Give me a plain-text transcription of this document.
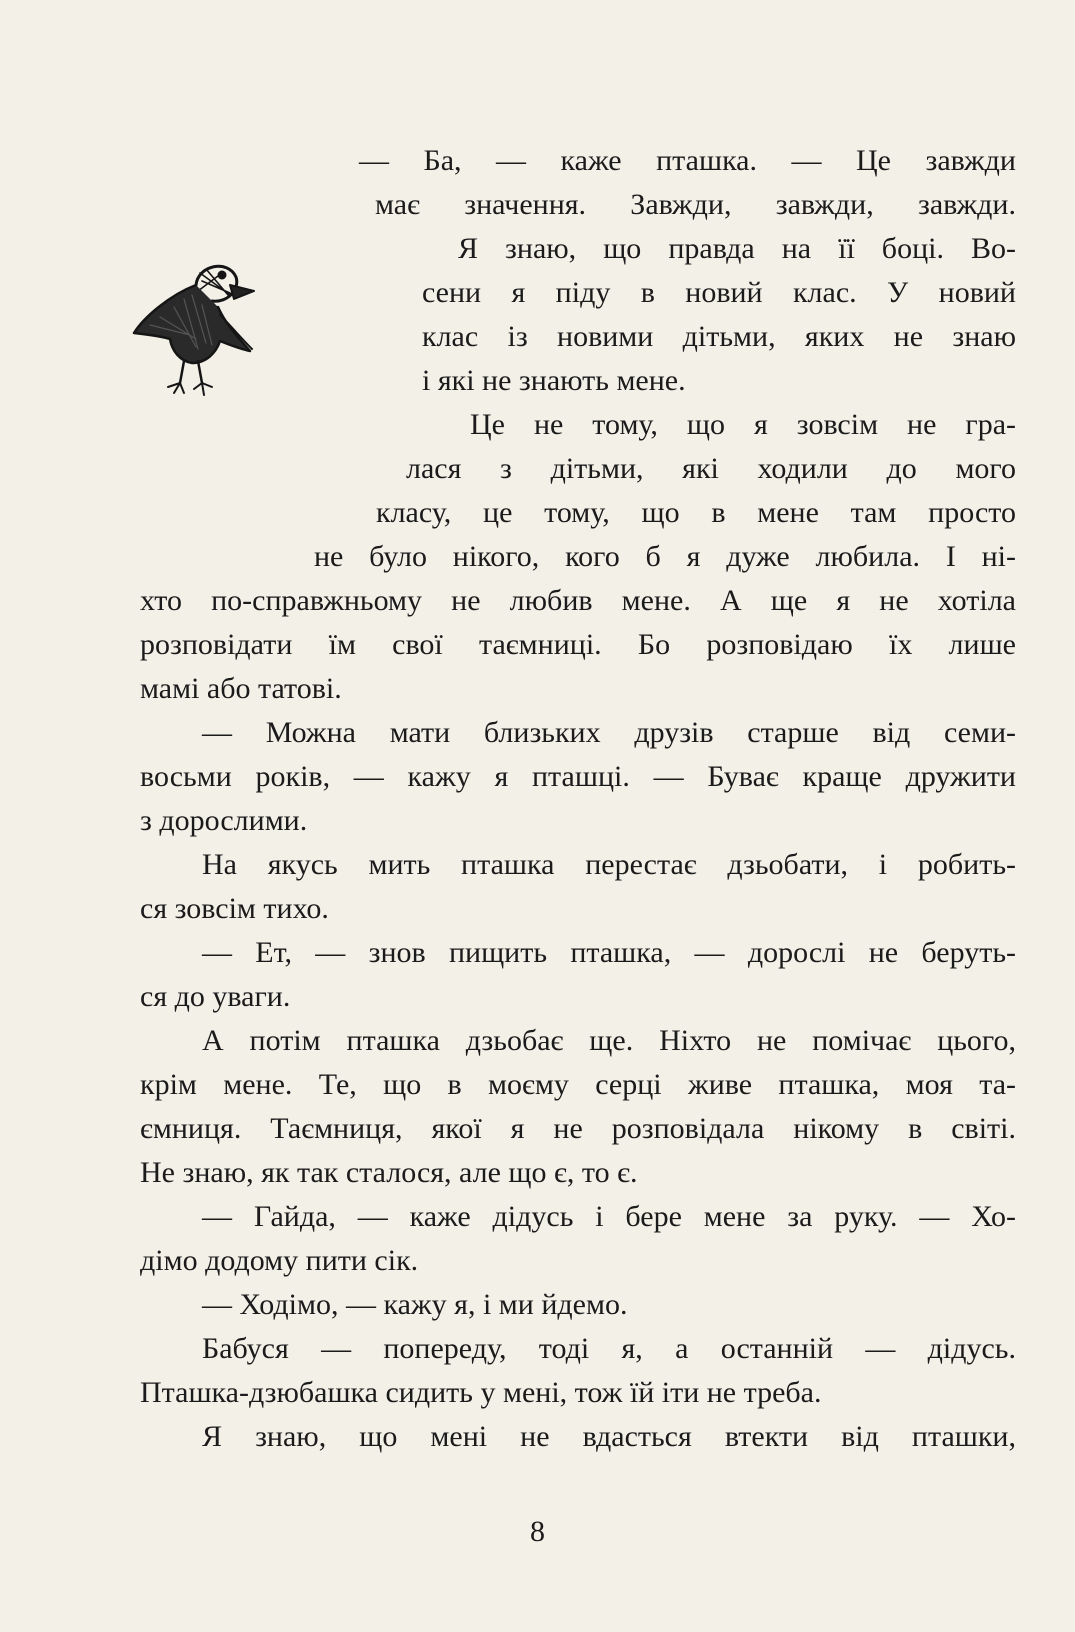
— Ба, — каже пташка. — Це завжди
має значення. Завжди, завжди, завжди.
Я знаю, що правда на її боці. Во-
сени я піду в новий клас. У новий
клас із новими дітьми, яких не знаю
і які не знають мене.
Це не тому, що я зовсім не гра-
лася з дітьми, які ходили до мого
класу, це тому, що в мене там просто
не було нікого, кого б я дуже любила. І ні-
хто по-справжньому не любив мене. А ще я не хотіла
розповідати їм свої таємниці. Бо розповідаю їх лише
мамі або татові.
— Можна мати близьких друзів старше від семи-
восьми років, — кажу я пташці. — Буває краще дружити
з дорослими.
На якусь мить пташка перестає дзьобати, і робить-
ся зовсім тихо.
— Ет, — знов пищить пташка, — дорослі не беруть-
ся до уваги.
А потім пташка дзьобає ще. Ніхто не помічає цього,
крім мене. Те, що в моєму серці живе пташка, моя та-
ємниця. Таємниця, якої я не розповідала нікому в світі.
Не знаю, як так сталося, але що є, то є.
— Гайда, — каже дідусь і бере мене за руку. — Хо-
дімо додому пити сік.
— Ходімо, — кажу я, і ми йдемо.
Бабуся — попереду, тоді я, а останній — дідусь.
Пташка-дзюбашка сидить у мені, тож їй іти не треба.
Я знаю, що мені не вдасться втекти від пташки,
8
